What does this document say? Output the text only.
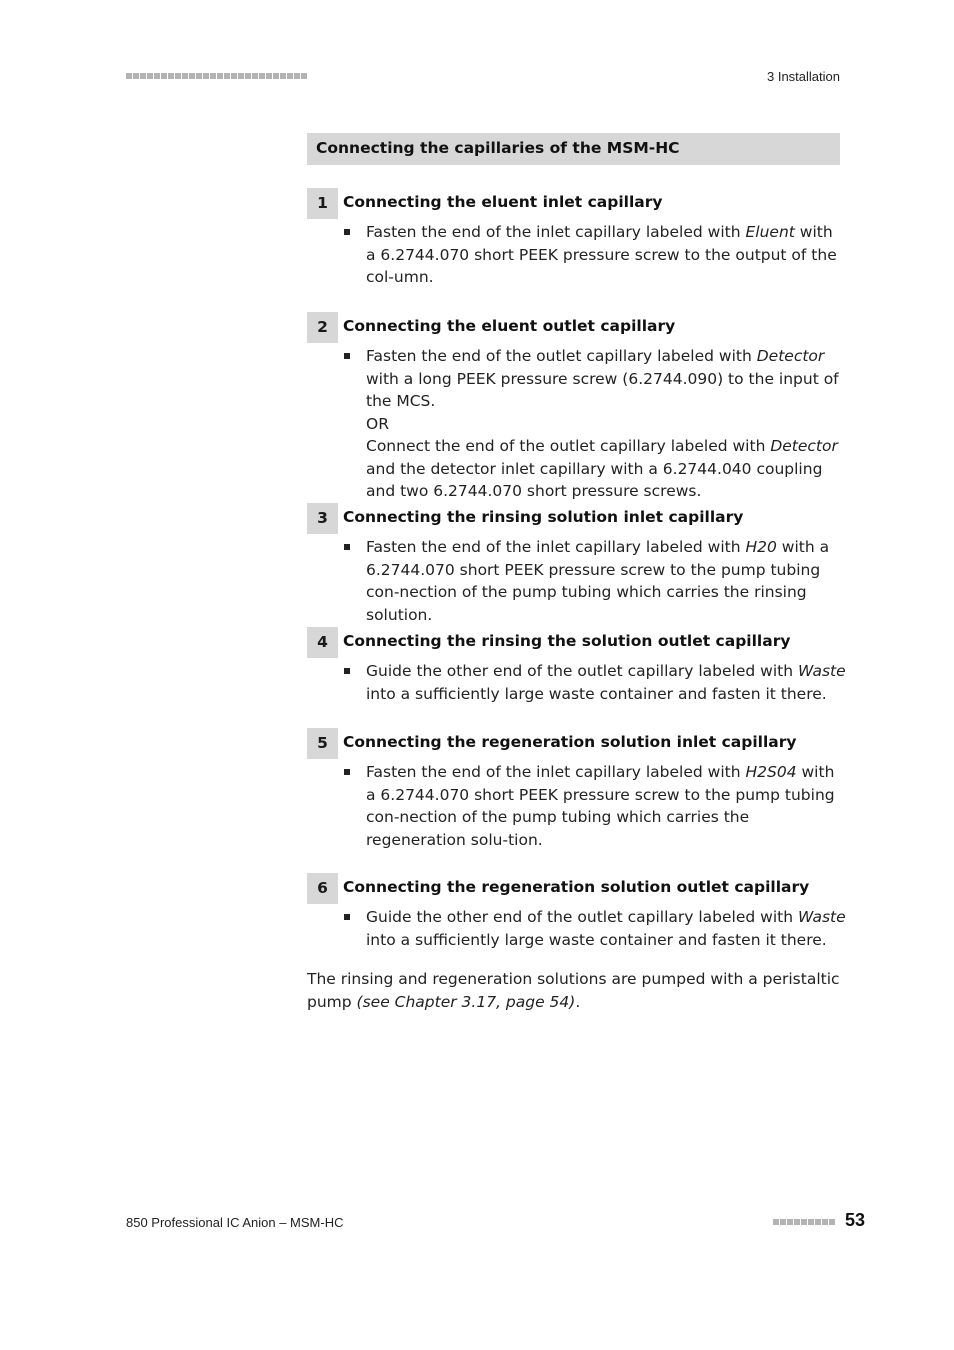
3 Installation
Connecting the capillaries of the MSM-HC
1 Connecting the eluent inlet capillary

Fasten the end of the inlet capillary labeled with Eluent with a 6.2744.070 short PEEK pressure screw to the output of the col-umn.

2 Connecting the eluent outlet capillary

Fasten the end of the outlet capillary labeled with Detector with a long PEEK pressure screw (6.2744.090) to the input of the MCS.

OR

Connect the end of the outlet capillary labeled with Detector and the detector inlet capillary with a 6.2744.040 coupling and two 6.2744.070 short pressure screws.

3 Connecting the rinsing solution inlet capillary

Fasten the end of the inlet capillary labeled with H20 with a 6.2744.070 short PEEK pressure screw to the pump tubing con-nection of the pump tubing which carries the rinsing solution.

4 Connecting the rinsing the solution outlet capillary

Guide the other end of the outlet capillary labeled with Waste into a sufficiently large waste container and fasten it there.

5 Connecting the regeneration solution inlet capillary

Fasten the end of the inlet capillary labeled with H2S04 with a 6.2744.070 short PEEK pressure screw to the pump tubing con-nection of the pump tubing which carries the regeneration solu-tion.

6 Connecting the regeneration solution outlet capillary

Guide the other end of the outlet capillary labeled with Waste into a sufficiently large waste container and fasten it there.

The rinsing and regeneration solutions are pumped with a peristaltic pump (see Chapter 3.17, page 54).

850 Professional IC Anion – MSM-HC	53
